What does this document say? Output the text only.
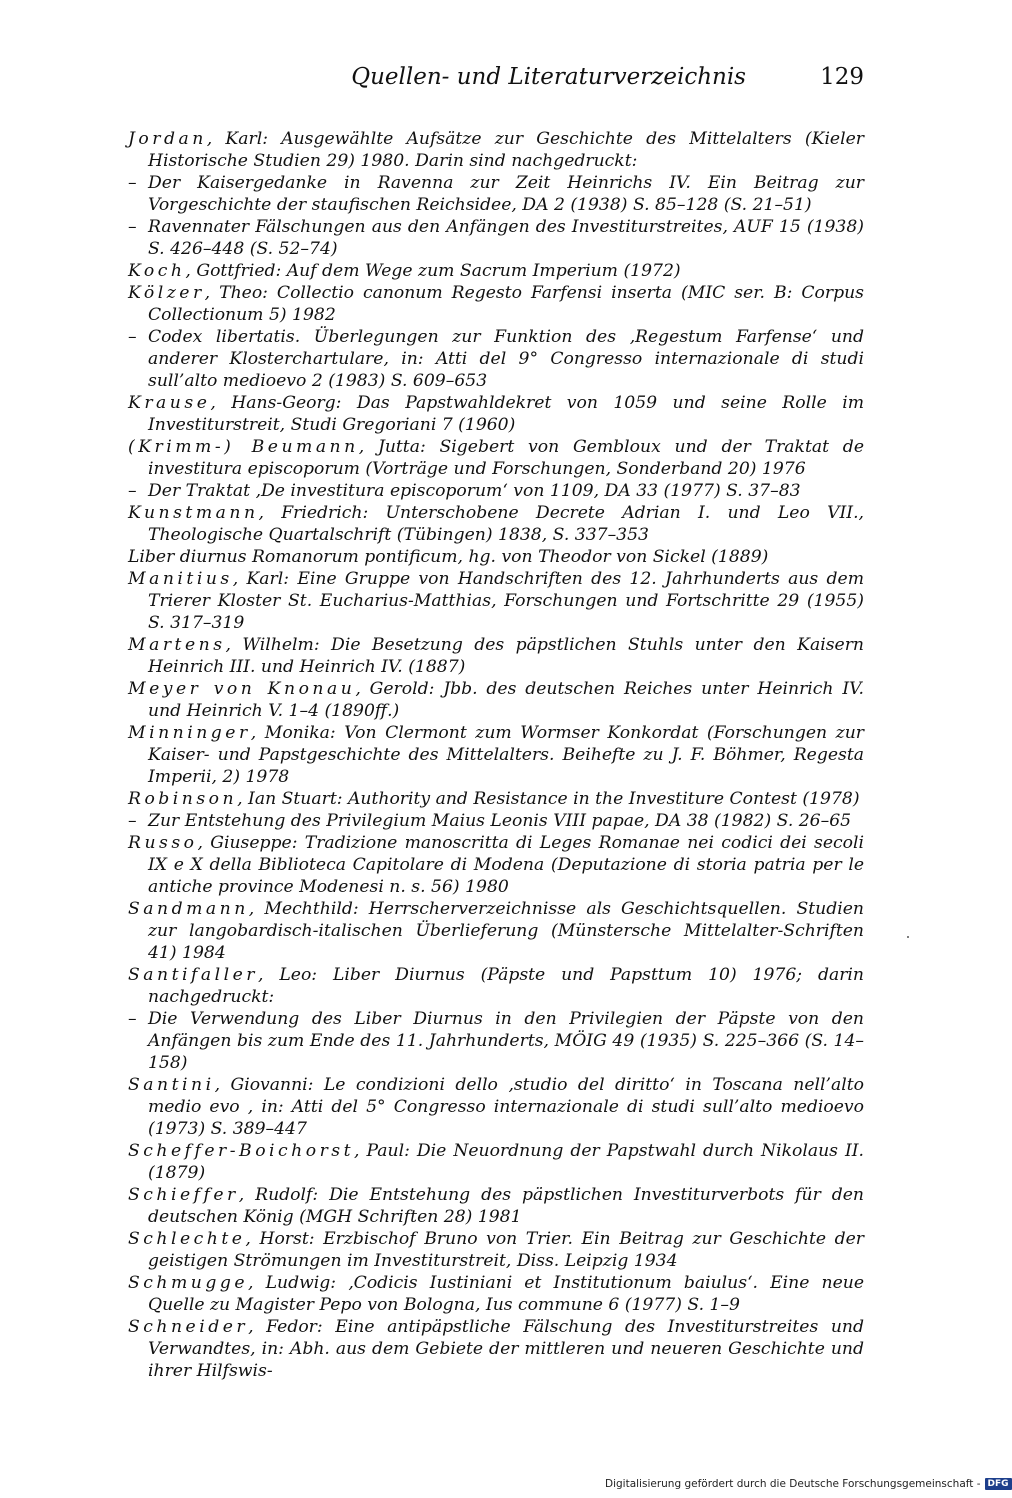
Quellen- und Literaturverzeichnis	129
Jordan, Karl: Ausgewählte Aufsätze zur Geschichte des Mittelalters (Kieler Historische Studien 29) 1980. Darin sind nachgedruckt:
– Der Kaisergedanke in Ravenna zur Zeit Heinrichs IV. Ein Beitrag zur Vorgeschichte der staufischen Reichsidee, DA 2 (1938) S. 85–128 (S. 21–51)
– Ravennater Fälschungen aus den Anfängen des Investiturstreites, AUF 15 (1938) S. 426–448 (S. 52–74)
Koch, Gottfried: Auf dem Wege zum Sacrum Imperium (1972)
Kölzer, Theo: Collectio canonum Regesto Farfensi inserta (MIC ser. B: Corpus Collectionum 5) 1982
– Codex libertatis. Überlegungen zur Funktion des ‚Regestum Farfense‘ und anderer Klosterchartulare, in: Atti del 9° Congresso internazionale di studi sull’alto medioevo 2 (1983) S. 609–653
Krause, Hans-Georg: Das Papstwahldekret von 1059 und seine Rolle im Investiturstreit, Studi Gregoriani 7 (1960)
(Krimm-) Beumann, Jutta: Sigebert von Gembloux und der Traktat de investitura episcoporum (Vorträge und Forschungen, Sonderband 20) 1976
– Der Traktat ‚De investitura episcoporum‘ von 1109, DA 33 (1977) S. 37–83
Kunstmann, Friedrich: Unterschobene Decrete Adrian I. und Leo VII., Theologische Quartalschrift (Tübingen) 1838, S. 337–353
Liber diurnus Romanorum pontificum, hg. von Theodor von Sickel (1889)
Manitius, Karl: Eine Gruppe von Handschriften des 12. Jahrhunderts aus dem Trierer Kloster St. Eucharius-Matthias, Forschungen und Fortschritte 29 (1955) S. 317–319
Martens, Wilhelm: Die Besetzung des päpstlichen Stuhls unter den Kaisern Heinrich III. und Heinrich IV. (1887)
Meyer von Knonau, Gerold: Jbb. des deutschen Reiches unter Heinrich IV. und Heinrich V. 1–4 (1890ff.)
Minninger, Monika: Von Clermont zum Wormser Konkordat (Forschungen zur Kaiser- und Papstgeschichte des Mittelalters. Beihefte zu J. F. Böhmer, Regesta Imperii, 2) 1978
Robinson, Ian Stuart: Authority and Resistance in the Investiture Contest (1978)
– Zur Entstehung des Privilegium Maius Leonis VIII papae, DA 38 (1982) S. 26–65
Russo, Giuseppe: Tradizione manoscritta di Leges Romanae nei codici dei secoli IX e X della Biblioteca Capitolare di Modena (Deputazione di storia patria per le antiche province Modenesi n. s. 56) 1980
Sandmann, Mechthild: Herrscherverzeichnisse als Geschichtsquellen. Studien zur langobardisch-italischen Überlieferung (Münstersche Mittelalter-Schriften 41) 1984
Santifaller, Leo: Liber Diurnus (Päpste und Papsttum 10) 1976; darin nachgedruckt:
– Die Verwendung des Liber Diurnus in den Privilegien der Päpste von den Anfängen bis zum Ende des 11. Jahrhunderts, MÖIG 49 (1935) S. 225–366 (S. 14–158)
Santini, Giovanni: Le condizioni dello ‚studio del diritto‘ in Toscana nell’alto medio evo , in: Atti del 5° Congresso internazionale di studi sull’alto medioevo (1973) S. 389–447
Scheffer-Boichorst, Paul: Die Neuordnung der Papstwahl durch Nikolaus II. (1879)
Schieffer, Rudolf: Die Entstehung des päpstlichen Investiturverbots für den deutschen König (MGH Schriften 28) 1981
Schlechte, Horst: Erzbischof Bruno von Trier. Ein Beitrag zur Geschichte der geistigen Strömungen im Investiturstreit, Diss. Leipzig 1934
Schmugge, Ludwig: ‚Codicis Iustiniani et Institutionum baiulus‘. Eine neue Quelle zu Magister Pepo von Bologna, Ius commune 6 (1977) S. 1–9
Schneider, Fedor: Eine antipäpstliche Fälschung des Investiturstreites und Verwandtes, in: Abh. aus dem Gebiete der mittleren und neueren Geschichte und ihrer Hilfswis-
Digitalisierung gefördert durch die Deutsche Forschungsgemeinschaft - DFG
